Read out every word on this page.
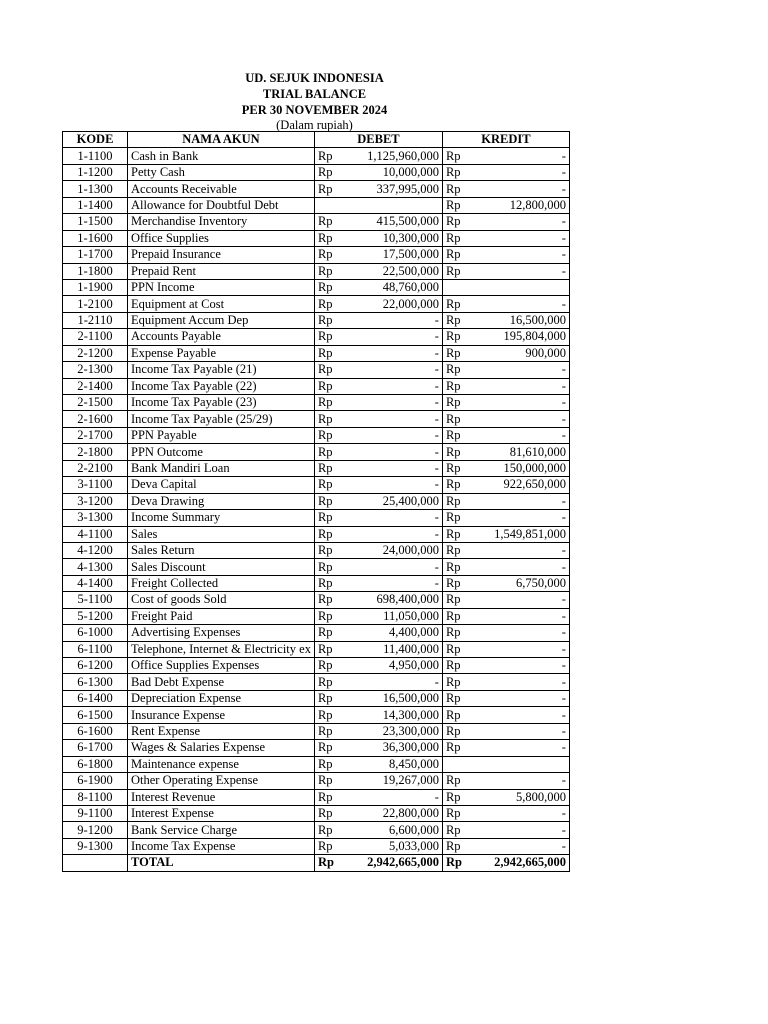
UD. SEJUK INDONESIA
TRIAL BALANCE
PER 30 NOVEMBER 2024
(Dalam rupiah)
KODE	NAMA AKUN	DEBET		KREDIT	
1-1100	Cash in Bank	Rp	1,125,960,000	Rp	-
1-1200	Petty Cash	Rp	10,000,000	Rp	-
1-1300	Accounts Receivable	Rp	337,995,000	Rp	-
1-1400	Allowance for Doubtful Debt			Rp	12,800,000
1-1500	Merchandise Inventory	Rp	415,500,000	Rp	-
1-1600	Office Supplies	Rp	10,300,000	Rp	-
1-1700	Prepaid Insurance	Rp	17,500,000	Rp	-
1-1800	Prepaid Rent	Rp	22,500,000	Rp	-
1-1900	PPN Income	Rp	48,760,000		
1-2100	Equipment at Cost	Rp	22,000,000	Rp	-
1-2110	Equipment Accum Dep	Rp	-	Rp	16,500,000
2-1100	Accounts Payable	Rp	-	Rp	195,804,000
2-1200	Expense Payable	Rp	-	Rp	900,000
2-1300	Income Tax Payable (21)	Rp	-	Rp	-
2-1400	Income Tax Payable (22)	Rp	-	Rp	-
2-1500	Income Tax Payable (23)	Rp	-	Rp	-
2-1600	Income Tax Payable (25/29)	Rp	-	Rp	-
2-1700	PPN Payable	Rp	-	Rp	-
2-1800	PPN Outcome	Rp	-	Rp	81,610,000
2-2100	Bank Mandiri Loan	Rp	-	Rp	150,000,000
3-1100	Deva Capital	Rp	-	Rp	922,650,000
3-1200	Deva Drawing	Rp	25,400,000	Rp	-
3-1300	Income Summary	Rp	-	Rp	-
4-1100	Sales	Rp	-	Rp	1,549,851,000
4-1200	Sales Return	Rp	24,000,000	Rp	-
4-1300	Sales Discount	Rp	-	Rp	-
4-1400	Freight Collected	Rp	-	Rp	6,750,000
5-1100	Cost of goods Sold	Rp	698,400,000	Rp	-
5-1200	Freight Paid	Rp	11,050,000	Rp	-
6-1000	Advertising Expenses	Rp	4,400,000	Rp	-
6-1100	Telephone, Internet & Electricity ex	Rp	11,400,000	Rp	-
6-1200	Office Supplies Expenses	Rp	4,950,000	Rp	-
6-1300	Bad Debt Expense	Rp	-	Rp	-
6-1400	Depreciation Expense	Rp	16,500,000	Rp	-
6-1500	Insurance Expense	Rp	14,300,000	Rp	-
6-1600	Rent Expense	Rp	23,300,000	Rp	-
6-1700	Wages & Salaries Expense	Rp	36,300,000	Rp	-
6-1800	Maintenance expense	Rp	8,450,000		
6-1900	Other Operating Expense	Rp	19,267,000	Rp	-
8-1100	Interest Revenue	Rp	-	Rp	5,800,000
9-1100	Interest Expense	Rp	22,800,000	Rp	-
9-1200	Bank Service Charge	Rp	6,600,000	Rp	-
9-1300	Income Tax Expense	Rp	5,033,000	Rp	-
	TOTAL	Rp	2,942,665,000	Rp	2,942,665,000
